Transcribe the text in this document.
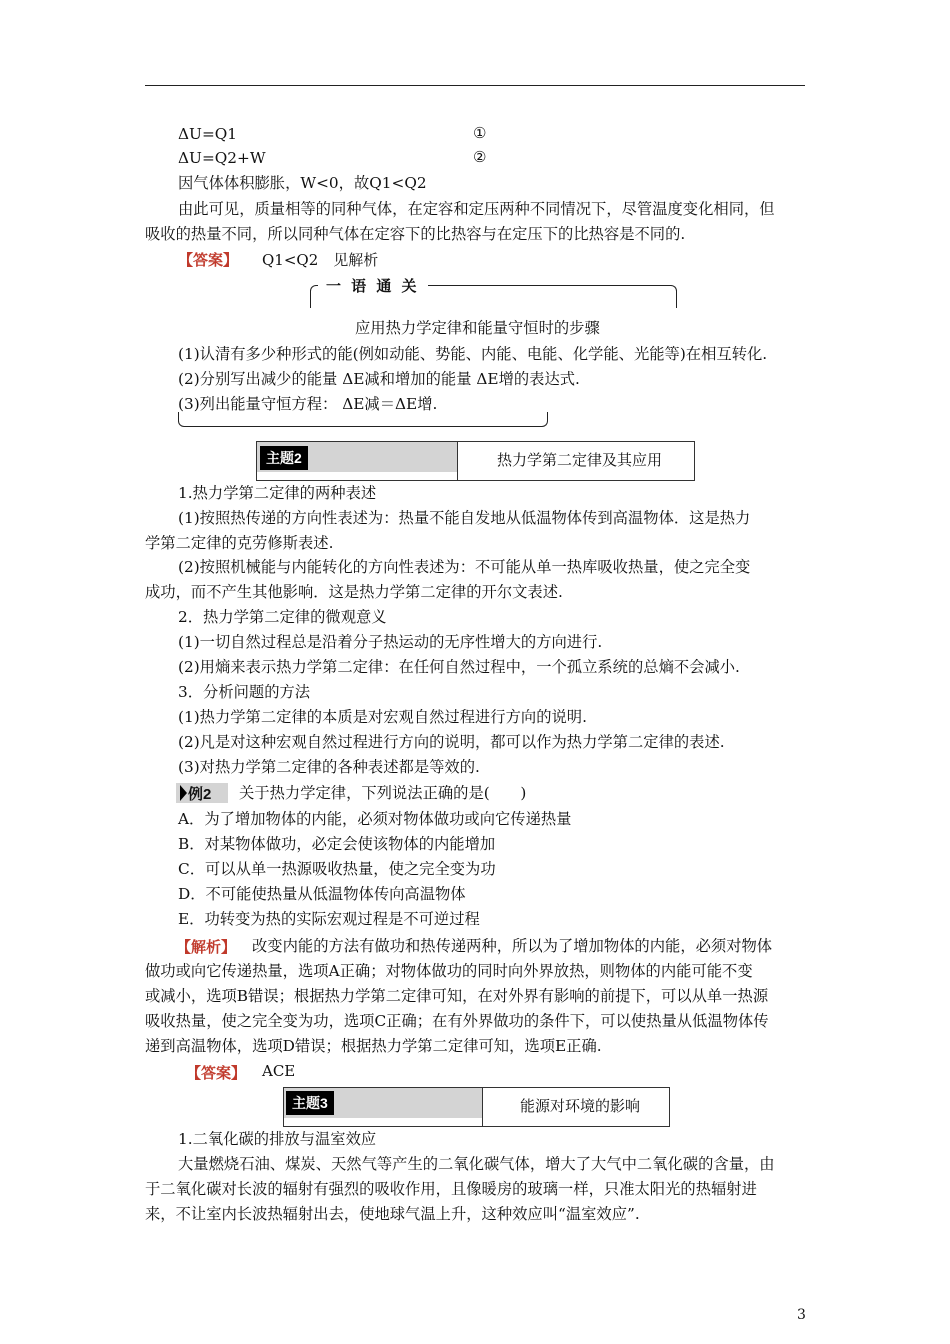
ΔU=Q1	①
ΔU=Q2+W	②
因气体体积膨胀，W<0，故Q1<Q2
由此可见，质量相等的同种气体，在定容和定压两种不同情况下，尽管温度变化相同，但
吸收的热量不同，所以同种气体在定容下的比热容与在定压下的比热容是不同的.
【答案】 Q1<Q2　见解析
一 语 通 关
应用热力学定律和能量守恒时的步骤
(1)认清有多少种形式的能(例如动能、势能、内能、电能、化学能、光能等)在相互转化.
(2)分别写出减少的能量 ΔE减和增加的能量 ΔE增的表达式.
(3)列出能量守恒方程： ΔE减＝ΔE增.
主题2	热力学第二定律及其应用
1.热力学第二定律的两种表述
(1)按照热传递的方向性表述为：热量不能自发地从低温物体传到高温物体．这是热力
学第二定律的克劳修斯表述.
(2)按照机械能与内能转化的方向性表述为：不可能从单一热库吸收热量，使之完全变
成功，而不产生其他影响．这是热力学第二定律的开尔文表述.
2．热力学第二定律的微观意义
(1)一切自然过程总是沿着分子热运动的无序性增大的方向进行.
(2)用熵来表示热力学第二定律：在任何自然过程中，一个孤立系统的总熵不会减小.
3．分析问题的方法
(1)热力学第二定律的本质是对宏观自然过程进行方向的说明.
(2)凡是对这种宏观自然过程进行方向的说明，都可以作为热力学第二定律的表述.
(3)对热力学第二定律的各种表述都是等效的.
例2 关于热力学定律，下列说法正确的是(　　)
A．为了增加物体的内能，必须对物体做功或向它传递热量
B．对某物体做功，必定会使该物体的内能增加
C．可以从单一热源吸收热量，使之完全变为功
D．不可能使热量从低温物体传向高温物体
E．功转变为热的实际宏观过程是不可逆过程
【解析】 改变内能的方法有做功和热传递两种，所以为了增加物体的内能，必须对物体
做功或向它传递热量，选项A正确；对物体做功的同时向外界放热，则物体的内能可能不变
或减小，选项B错误；根据热力学第二定律可知，在对外界有影响的前提下，可以从单一热源
吸收热量，使之完全变为功，选项C正确；在有外界做功的条件下，可以使热量从低温物体传
递到高温物体，选项D错误；根据热力学第二定律可知，选项E正确.
【答案】 ACE
主题3	能源对环境的影响
1.二氧化碳的排放与温室效应
大量燃烧石油、煤炭、天然气等产生的二氧化碳气体，增大了大气中二氧化碳的含量，由
于二氧化碳对长波的辐射有强烈的吸收作用，且像暖房的玻璃一样，只准太阳光的热辐射进
来，不让室内长波热辐射出去，使地球气温上升，这种效应叫“温室效应”.
3
